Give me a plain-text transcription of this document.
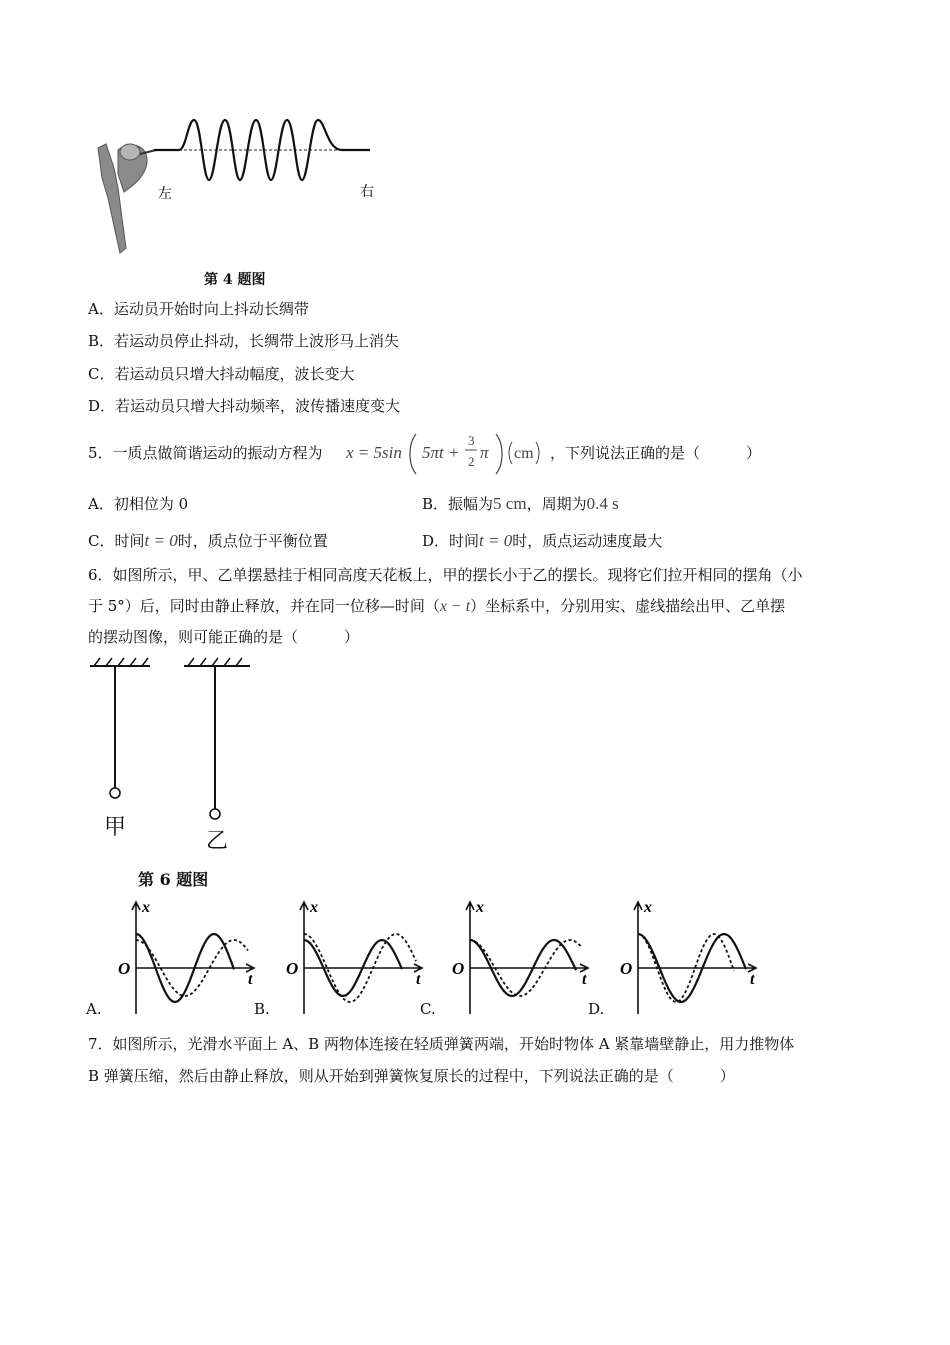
左	右
第 4 题图
A．运动员开始时向上抖动长绸带
B．若运动员停止抖动，长绸带上波形马上消失
C．若运动员只增大抖动幅度，波长变大
D．若运动员只增大抖动频率，波传播速度变大
5．一质点做简谐运动的振动方程为 x = 5sin 5πt +
3
2 π cm ，下列说法正确的是（	）
A．初相位为 0	B．振幅为5 cm，周期为0.4 s
C．时间t = 0时，质点位于平衡位置	D．时间t = 0时，质点运动速度最大
6．如图所示，甲、乙单摆悬挂于相同高度天花板上，甲的摆长小于乙的摆长。现将它们拉开相同的摆角（小
于 5°）后，同时由静止释放，并在同一位移—时间（x − t）坐标系中，分别用实、虚线描绘出甲、乙单摆
的摆动图像，则可能正确的是（	）
甲
乙
第 6 题图
A.
x
t
O
B.
x
t
O
C.
x
t
O
D.
x
t
O
7．如图所示，光滑水平面上 A、B 两物体连接在轻质弹簧两端，开始时物体 A 紧靠墙壁静止，用力推物体
B 弹簧压缩，然后由静止释放，则从开始到弹簧恢复原长的过程中，下列说法正确的是（	）
